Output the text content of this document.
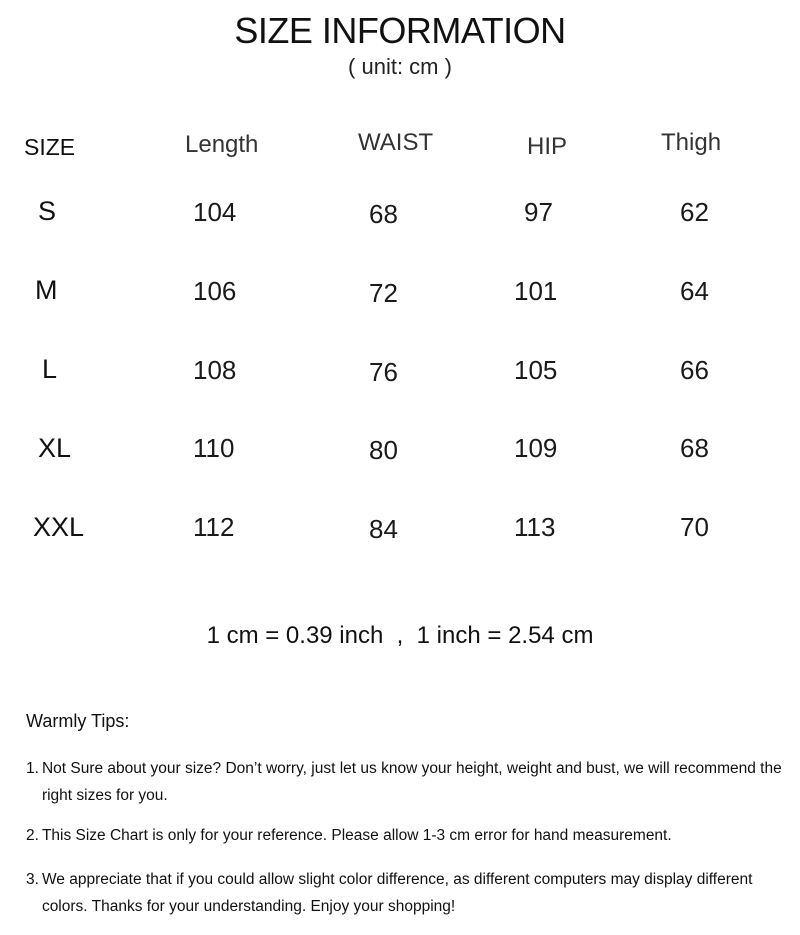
SIZE INFORMATION
( unit: cm )
SIZE	Length	WAIST	HIP	Thigh
S	104	68	97	62
M	106	72	101	64
L	108	76	105	66
XL	110	80	109	68
XXL	112	84	113	70
1 cm = 0.39 inch  ,  1 inch = 2.54 cm
Warmly Tips:
1. Not Sure about your size? Don’t worry, just let us know your height, weight and bust, we will recommend the right sizes for you.
2. This Size Chart is only for your reference. Please allow 1-3 cm error for hand measurement.
3. We appreciate that if you could allow slight color difference, as different computers may display different colors. Thanks for your understanding. Enjoy your shopping!
